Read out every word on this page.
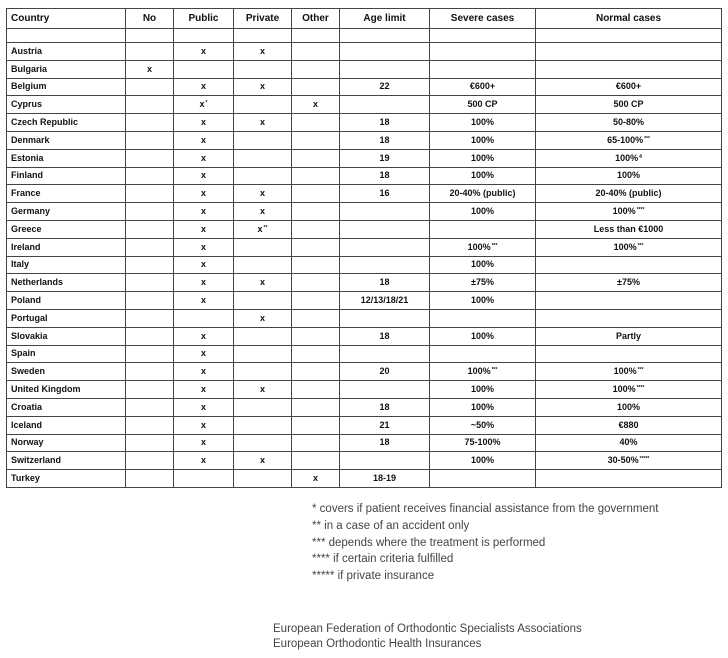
Country	No	Public	Private	Other	Age limit	Severe cases	Normal cases

Austria		x	x				
Bulgaria	x						
Belgium		x	x		22	€600+	€600+
Cyprus		x*		x		500 CP	500 CP
Czech Republic		x	x		18	100%	50-80%
Denmark		x			18	100%	65-100%***
Estonia		x			19	100%	100%$^4$
Finland		x			18	100%	100%
France		x	x		16	20-40% (public)	20-40% (public)
Germany		x	x			100%	100%****
Greece		x	x**				Less than €1000
Ireland		x				100%***	100%***
Italy		x				100%	
Netherlands		x	x		18	±75%	±75%
Poland		x			12/13/18/21	100%	
Portugal			x				
Slovakia		x			18	100%	Partly
Spain		x					
Sweden		x			20	100%***	100%***
United Kingdom		x	x			100%	100%****
Croatia		x			18	100%	100%
Iceland		x			21	~50%	€880
Norway		x			18	75-100%	40%
Switzerland		x	x			100%	30-50%*****
Turkey				x	18-19		
* covers if patient receives financial assistance from the government
** in a case of an accident only
*** depends where the treatment is performed
**** if certain criteria fulfilled
***** if private insurance
European Federation of Orthodontic Specialists Associations
European Orthodontic Health Insurances
